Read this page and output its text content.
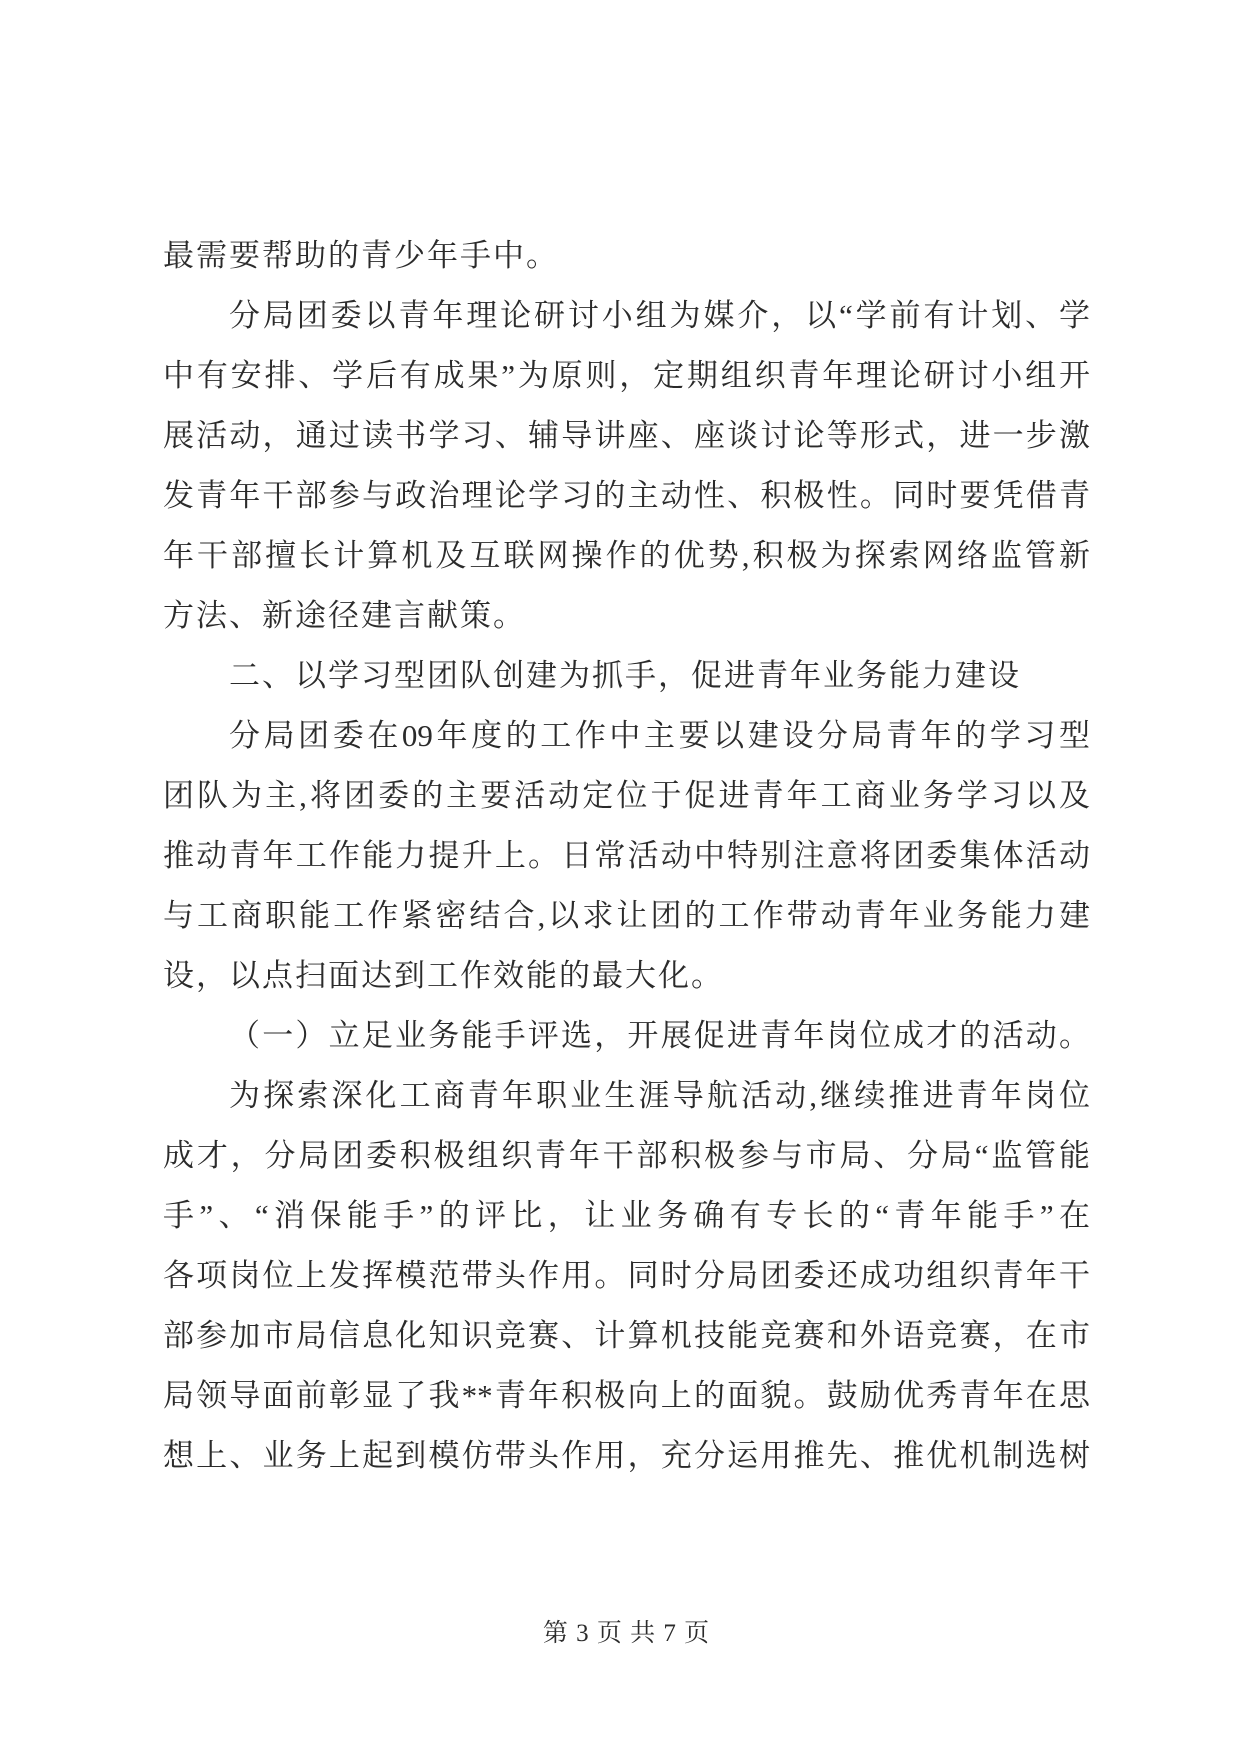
最需要帮助的青少年手中。
分局团委以青年理论研讨小组为媒介，以“学前有计划、学
中有安排、学后有成果”为原则，定期组织青年理论研讨小组开
展活动，通过读书学习、辅导讲座、座谈讨论等形式，进一步激
发青年干部参与政治理论学习的主动性、积极性。同时要凭借青
年干部擅长计算机及互联网操作的优势,积极为探索网络监管新
方法、新途径建言献策。
二、以学习型团队创建为抓手，促进青年业务能力建设
分局团委在09年度的工作中主要以建设分局青年的学习型
团队为主,将团委的主要活动定位于促进青年工商业务学习以及
推动青年工作能力提升上。日常活动中特别注意将团委集体活动
与工商职能工作紧密结合,以求让团的工作带动青年业务能力建
设，以点扫面达到工作效能的最大化。
（一）立足业务能手评选，开展促进青年岗位成才的活动。
为探索深化工商青年职业生涯导航活动,继续推进青年岗位
成才，分局团委积极组织青年干部积极参与市局、分局“监管能
手”、“消保能手”的评比，让业务确有专长的“青年能手”在
各项岗位上发挥模范带头作用。同时分局团委还成功组织青年干
部参加市局信息化知识竞赛、计算机技能竞赛和外语竞赛，在市
局领导面前彰显了我**青年积极向上的面貌。鼓励优秀青年在思
想上、业务上起到模仿带头作用，充分运用推先、推优机制选树
第 3 页 共 7 页
